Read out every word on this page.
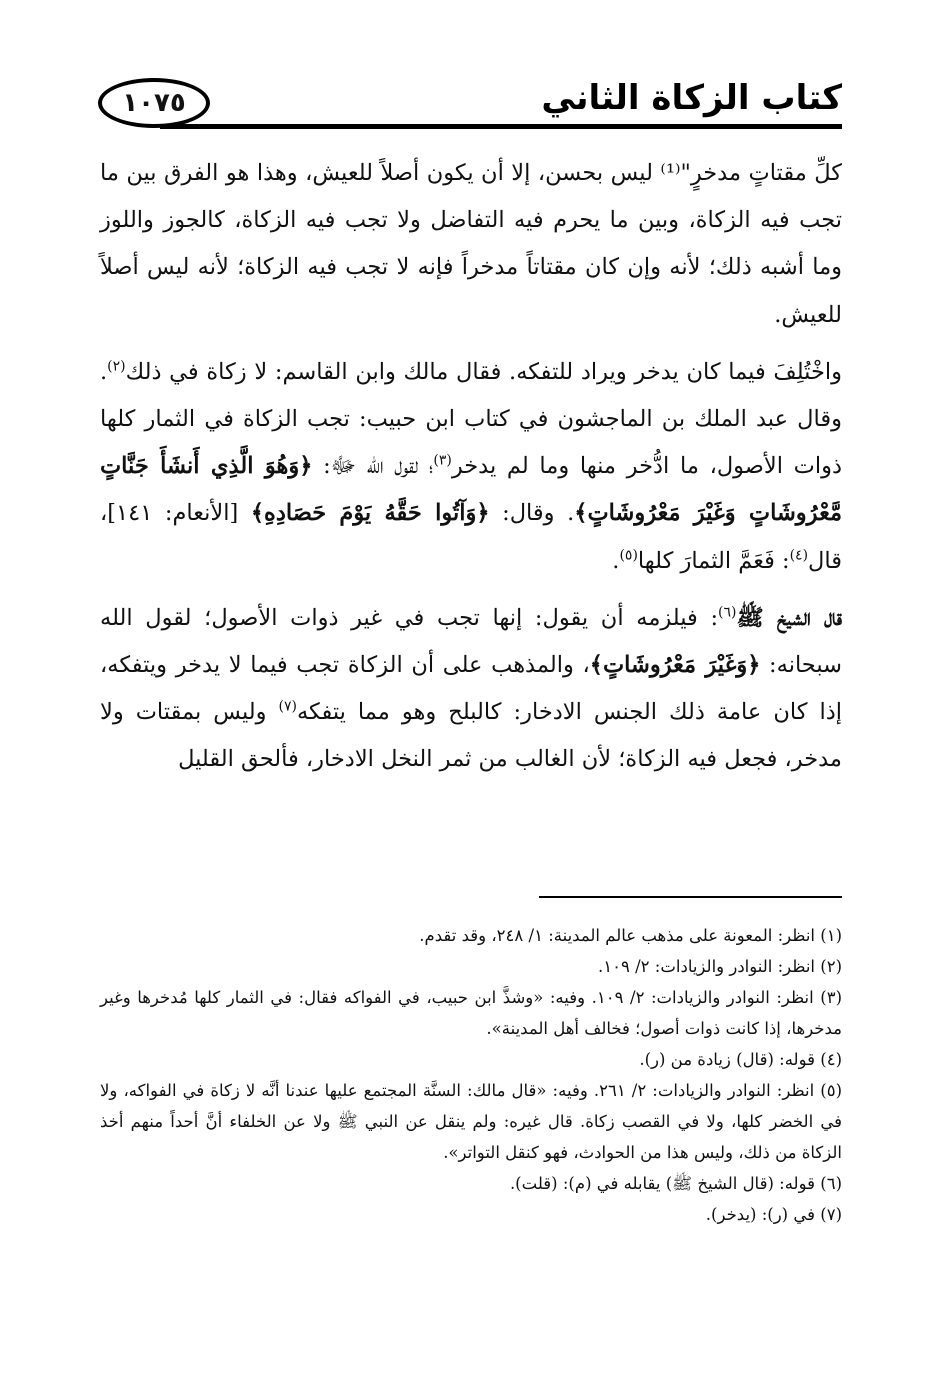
كتاب الزكاة الثاني
١٠٧٥

كلِّ مقتاتٍ مدخرٍ"⁽¹⁾ ليس بحسن، إلا أن يكون أصلاً للعيش، وهذا هو الفرق بين ما تجب فيه الزكاة، وبين ما يحرم فيه التفاضل ولا تجب فيه الزكاة، كالجوز واللوز وما أشبه ذلك؛ لأنه وإن كان مقتاتاً مدخراً فإنه لا تجب فيه الزكاة؛ لأنه ليس أصلاً للعيش.

واخْتُلِفَ فيما كان يدخر ويراد للتفكه. فقال مالك وابن القاسم: لا زكاة في ذلك$^{(٢)}$. وقال عبد الملك بن الماجشون في كتاب ابن حبيب: تجب الزكاة في الثمار كلها ذوات الأصول، ما ادُّخر منها وما لم يدخر$^{(٣)}$؛ لقول الله ﷻ: ﴿وَهُوَ الَّذِي أَنشَأَ جَنَّاتٍ مَّعْرُوشَاتٍ وَغَيْرَ مَعْرُوشَاتٍ﴾. وقال: ﴿وَآتُوا حَقَّهُ يَوْمَ حَصَادِهِ﴾ [الأنعام: ١٤١]، قال$^{(٤)}$: فَعَمَّ الثمارَ كلها$^{(٥)}$.

قال الشيخ ﷺ$^{(٦)}$: فيلزمه أن يقول: إنها تجب في غير ذوات الأصول؛ لقول الله سبحانه: ﴿وَغَيْرَ مَعْرُوشَاتٍ﴾، والمذهب على أن الزكاة تجب فيما لا يدخر ويتفكه، إذا كان عامة ذلك الجنس الادخار: كالبلح وهو مما يتفكه$^{(٧)}$ وليس بمقتات ولا مدخر، فجعل فيه الزكاة؛ لأن الغالب من ثمر النخل الادخار، فألحق القليل

(١) انظر: المعونة على مذهب عالم المدينة: ١/ ٢٤٨، وقد تقدم.
(٢) انظر: النوادر والزيادات: ٢/ ١٠٩.
(٣) انظر: النوادر والزيادات: ٢/ ١٠٩. وفيه: «وشذَّ ابن حبيب، في الفواكه فقال: في الثمار كلها مُدخرها وغير مدخرها، إذا كانت ذوات أصول؛ فخالف أهل المدينة».
(٤) قوله: (قال) زيادة من (ر).
(٥) انظر: النوادر والزيادات: ٢/ ٢٦١. وفيه: «قال مالك: السنَّة المجتمع عليها عندنا أنَّه لا زكاة في الفواكه، ولا في الخضر كلها، ولا في القصب زكاة. قال غيره: ولم ينقل عن النبي ﷺ ولا عن الخلفاء أنَّ أحداً منهم أخذ الزكاة من ذلك، وليس هذا من الحوادث، فهو كنقل التواتر».
(٦) قوله: (قال الشيخ ﷺ) يقابله في (م): (قلت).
(٧) في (ر): (يدخر).
